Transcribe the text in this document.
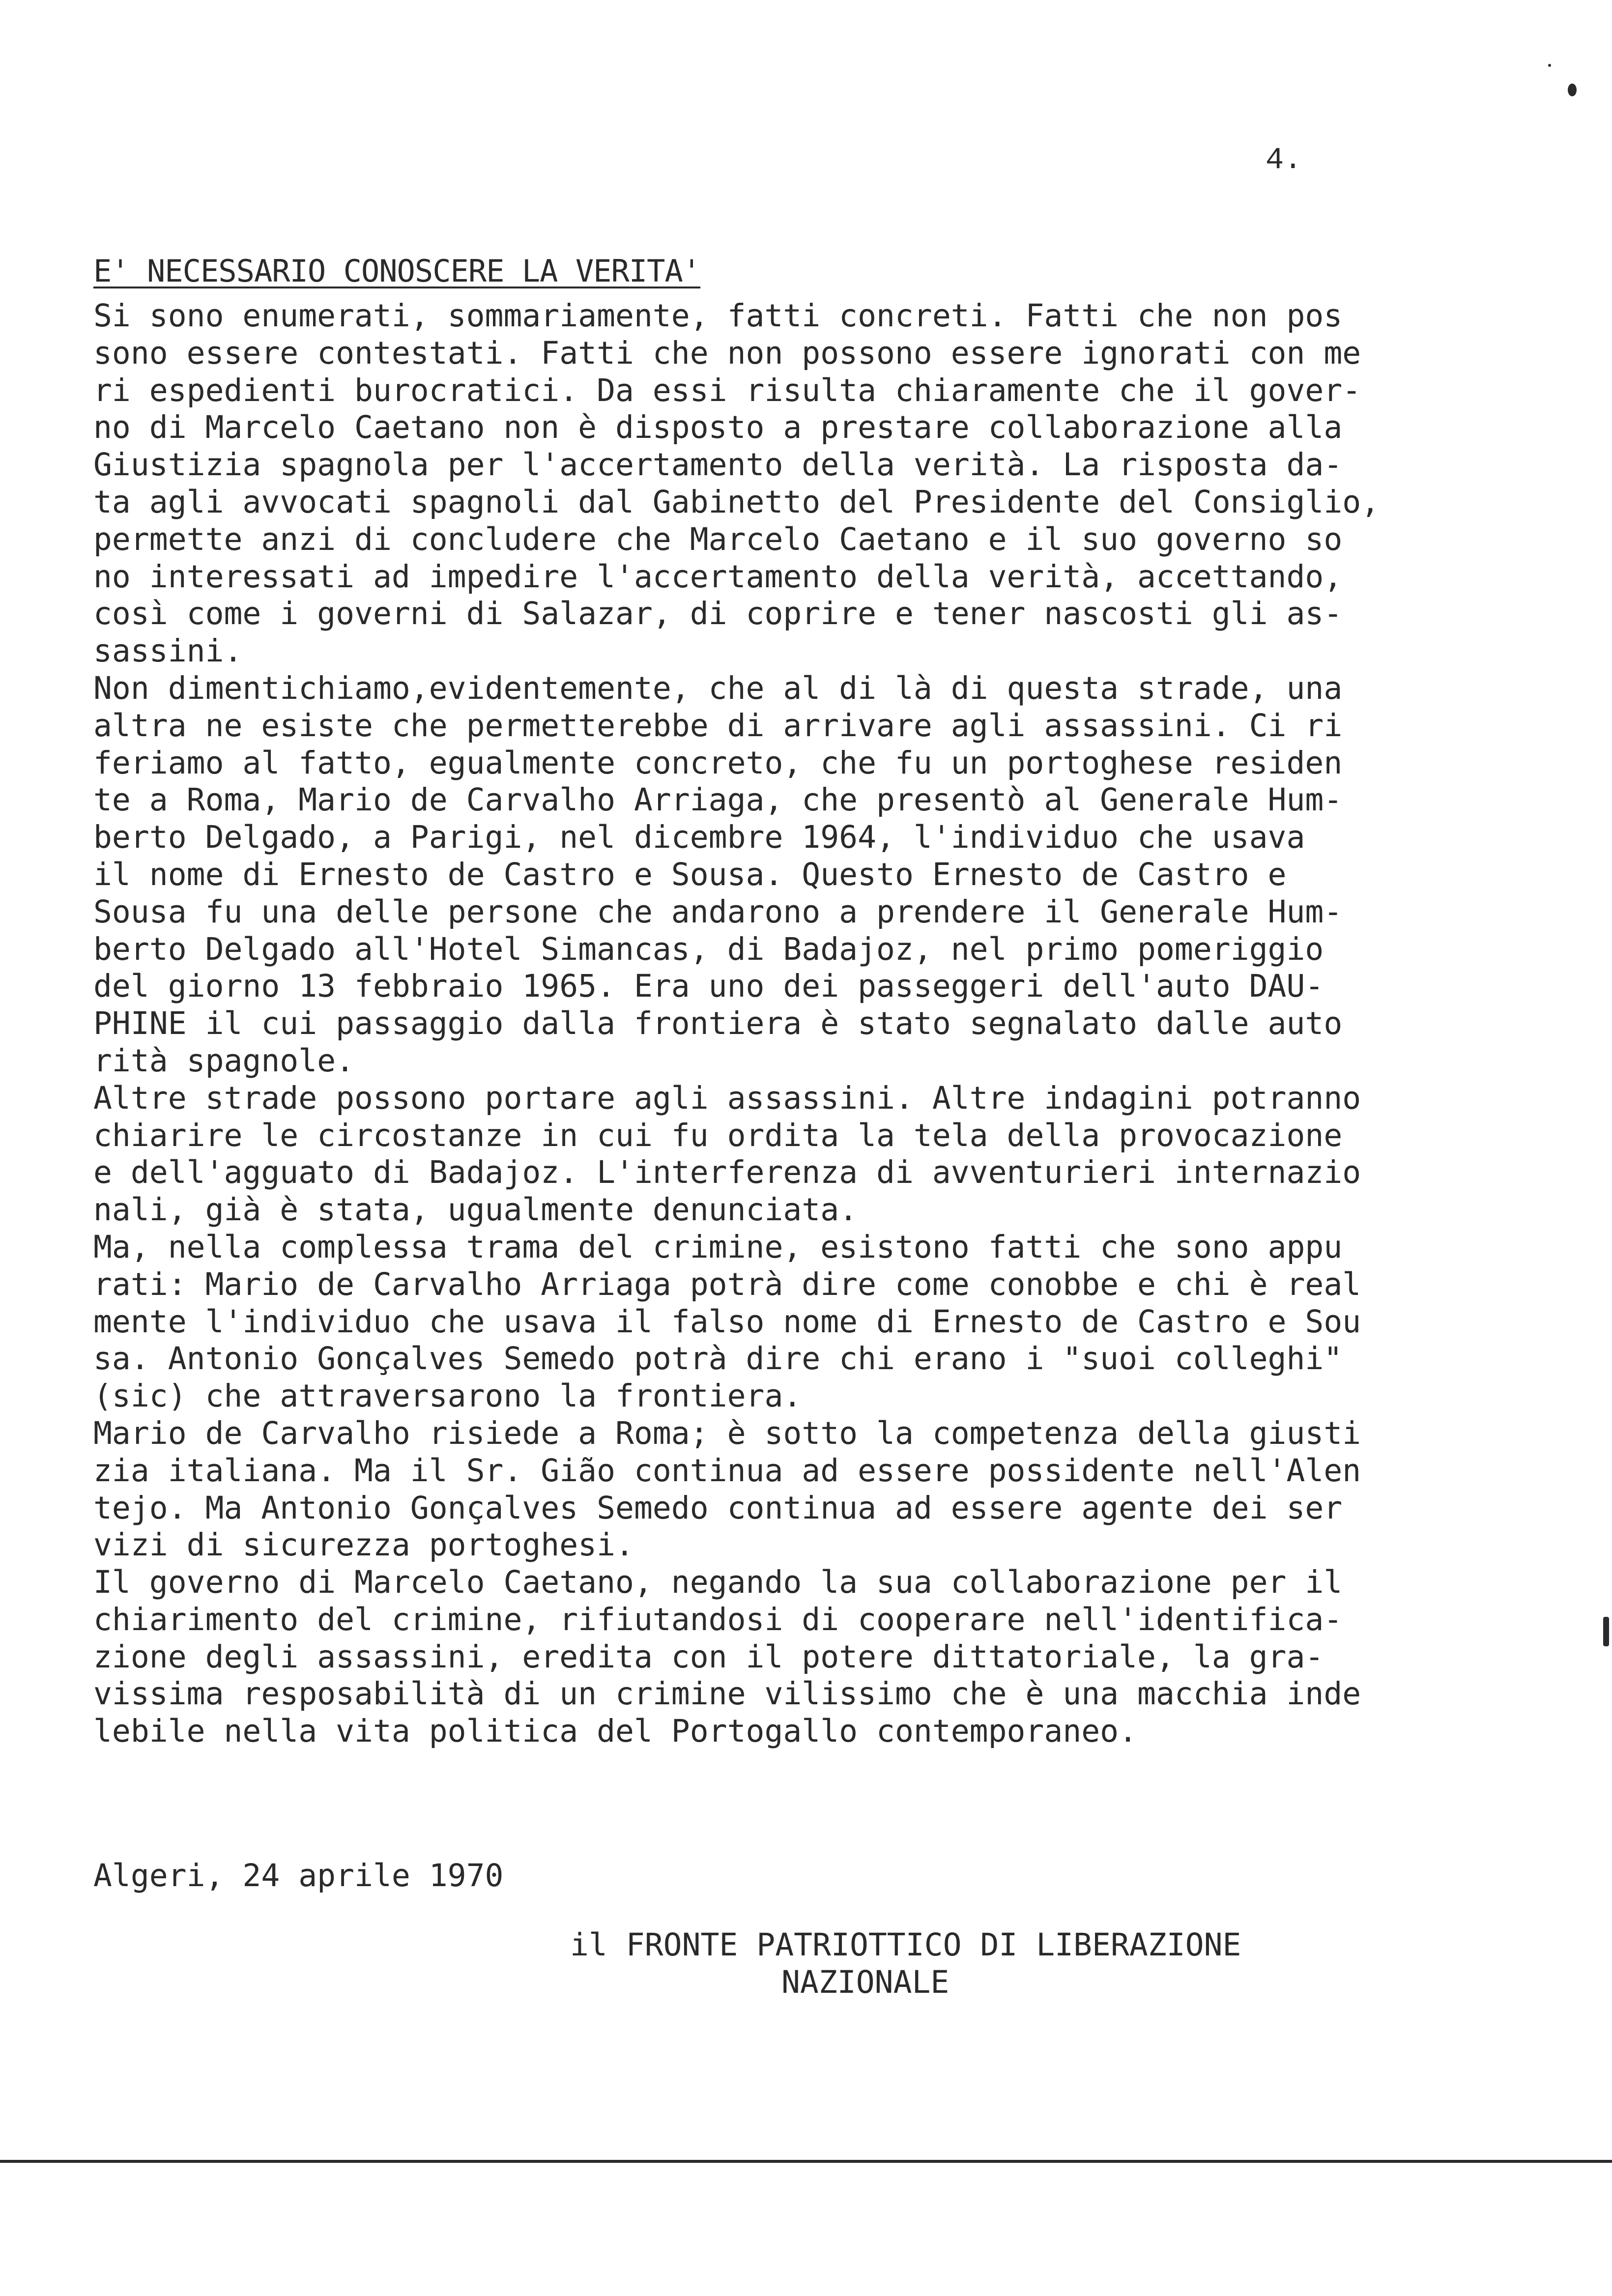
4.
E' NECESSARIO CONOSCERE LA VERITA'
Si sono enumerati, sommariamente, fatti concreti. Fatti che non pos
sono essere contestati. Fatti che non possono essere ignorati con me
ri espedienti burocratici. Da essi risulta chiaramente che il gover-
no di Marcelo Caetano non è disposto a prestare collaborazione alla
Giustizia spagnola per l'accertamento della verità. La risposta da-
ta agli avvocati spagnoli dal Gabinetto del Presidente del Consiglio,
permette anzi di concludere che Marcelo Caetano e il suo governo so
no interessati ad impedire l'accertamento della verità, accettando,
così come i governi di Salazar, di coprire e tener nascosti gli as-
sassini.
Non dimentichiamo,evidentemente, che al di là di questa strade, una
altra ne esiste che permetterebbe di arrivare agli assassini. Ci ri
feriamo al fatto, egualmente concreto, che fu un portoghese residen
te a Roma, Mario de Carvalho Arriaga, che presentò al Generale Hum-
berto Delgado, a Parigi, nel dicembre 1964, l'individuo che usava
il nome di Ernesto de Castro e Sousa. Questo Ernesto de Castro e
Sousa fu una delle persone che andarono a prendere il Generale Hum-
berto Delgado all'Hotel Simancas, di Badajoz, nel primo pomeriggio
del giorno 13 febbraio 1965. Era uno dei passeggeri dell'auto DAU-
PHINE il cui passaggio dalla frontiera è stato segnalato dalle auto
rità spagnole.
Altre strade possono portare agli assassini. Altre indagini potranno
chiarire le circostanze in cui fu ordita la tela della provocazione
e dell'agguato di Badajoz. L'interferenza di avventurieri internazio
nali, già è stata, ugualmente denunciata.
Ma, nella complessa trama del crimine, esistono fatti che sono appu
rati: Mario de Carvalho Arriaga potrà dire come conobbe e chi è real
mente l'individuo che usava il falso nome di Ernesto de Castro e Sou
sa. Antonio Gonçalves Semedo potrà dire chi erano i "suoi colleghi"
(sic) che attraversarono la frontiera.
Mario de Carvalho risiede a Roma; è sotto la competenza della giusti
zia italiana. Ma il Sr. Gião continua ad essere possidente nell'Alen
tejo. Ma Antonio Gonçalves Semedo continua ad essere agente dei ser
vizi di sicurezza portoghesi.
Il governo di Marcelo Caetano, negando la sua collaborazione per il
chiarimento del crimine, rifiutandosi di cooperare nell'identifica-
zione degli assassini, eredita con il potere dittatoriale, la gra-
vissima resposabilità di un crimine vilissimo che è una macchia inde
lebile nella vita politica del Portogallo contemporaneo.
Algeri, 24 aprile 1970
il FRONTE PATRIOTTICO DI LIBERAZIONE
NAZIONALE
